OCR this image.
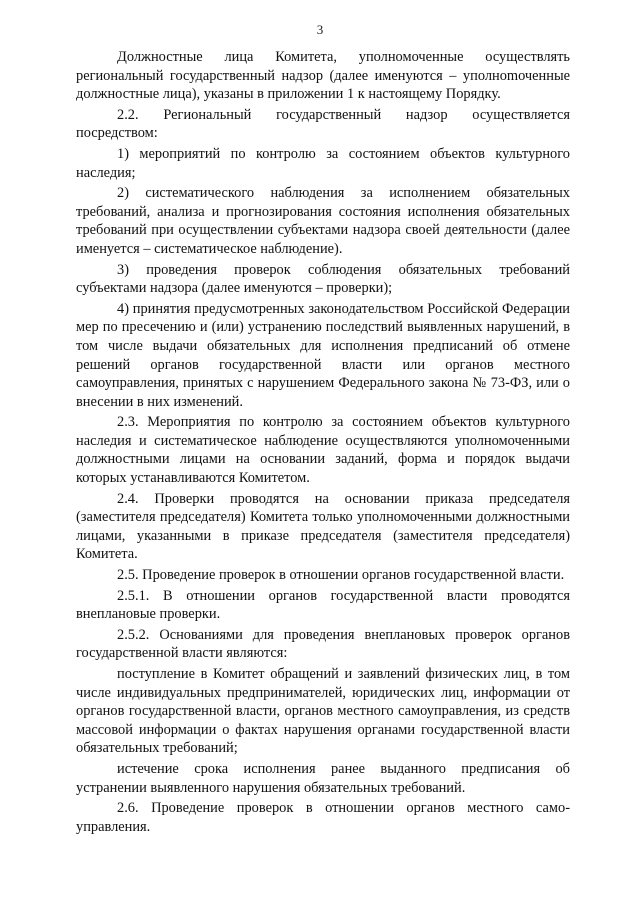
3

Должностные лица Комитета, уполномоченные осуществлять региональный государственный надзор (далее именуются – уполноmоченные должностные лица), указаны в приложении 1 к настоящему Порядку.

2.2. Региональный государственный надзор осуществляется посредством:

1) мероприятий по контролю за состоянием объектов культурного наследия;

2) систематического наблюдения за исполнением обязательных требований, анализа и прогнозирования состояния исполнения обязательных требований при осуществлении субъектами надзора своей деятельности (далее именуется – систематическое наблюдение).

3) проведения проверок соблюдения обязательных требований субъектами надзора (далее именуются – проверки);

4) принятия предусмотренных законодательством Российской Федерации мер по пресечению и (или) устранению последствий выявленных нарушений, в том числе выдачи обязательных для исполнения предписаний об отмене решений органов государственной власти или органов местного самоуправления, принятых с нарушением Федерального закона № 73-ФЗ, или о внесении в них изменений.

2.3. Мероприятия по контролю за состоянием объектов культурного наследия и систематическое наблюдение осуществляются уполномоченными должностными лицами на основании заданий, форма и порядок выдачи которых устанавливаются Комитетом.

2.4. Проверки проводятся на основании приказа председателя (заместителя председателя) Комитета только уполномоченными должностными лицами, указанными в приказе председателя (заместителя председателя) Комитета.

2.5. Проведение проверок в отношении органов государственной власти.

2.5.1. В отношении органов государственной власти проводятся внеплановые проверки.

2.5.2. Основаниями для проведения внеплановых проверок органов государственной власти являются:

поступление в Комитет обращений и заявлений физических лиц, в том числе индивидуальных предпринимателей, юридических лиц, информации от органов государственной власти, органов местного самоуправления, из средств массовой информации о фактах нарушения органами государственной власти обязательных требований;

истечение срока исполнения ранее выданного предписания об устранении выявленного нарушения обязательных требований.

2.6. Проведение проверок в отношении органов местного самоуправления.
